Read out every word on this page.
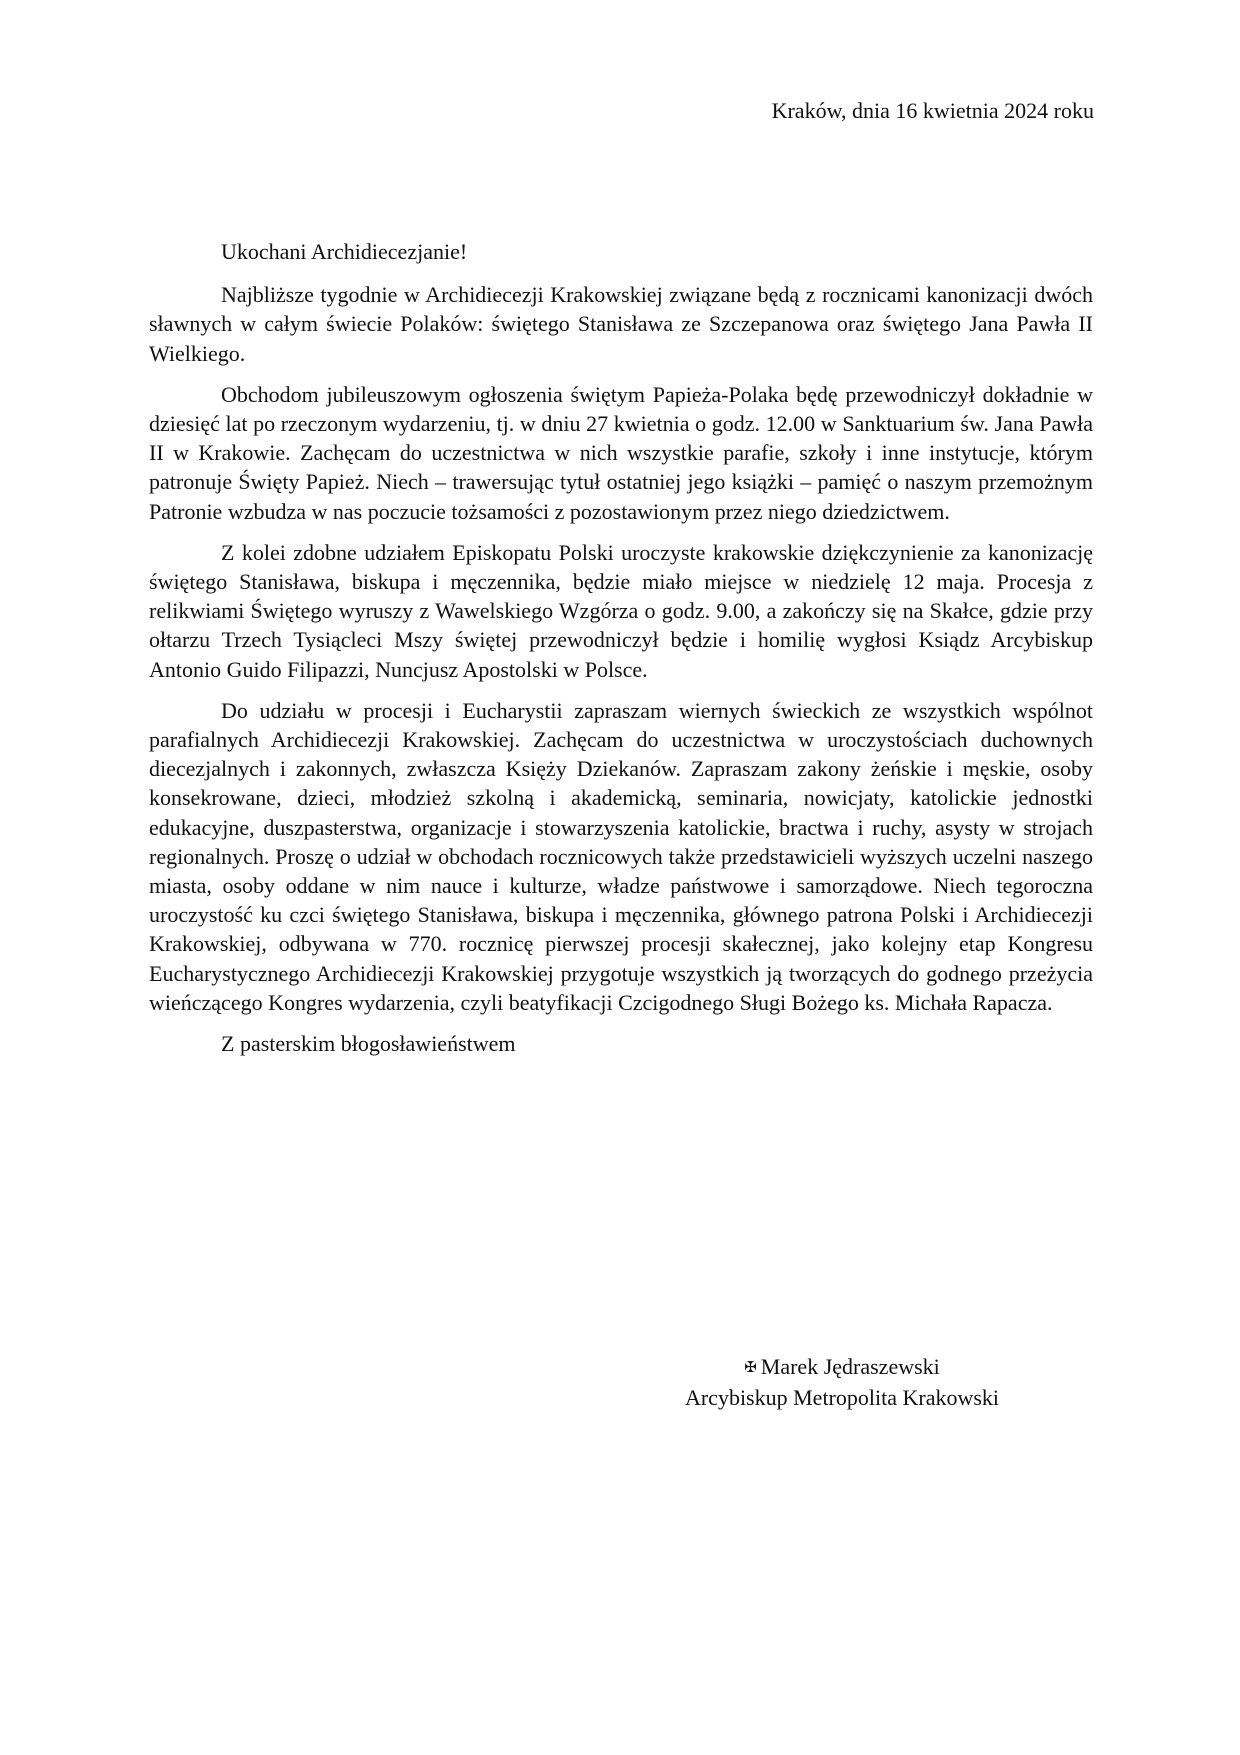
Kraków, dnia 16 kwietnia 2024 roku

Ukochani Archidiecezjanie!

Najbliższe tygodnie w Archidiecezji Krakowskiej związane będą z rocznicami kanonizacji dwóch sławnych w całym świecie Polaków: świętego Stanisława ze Szczepanowa oraz świętego Jana Pawła II Wielkiego.

Obchodom jubileuszowym ogłoszenia świętym Papieża-Polaka będę przewodniczył dokładnie w dziesięć lat po rzeczonym wydarzeniu, tj. w dniu 27 kwietnia o godz. 12.00 w Sanktuarium św. Jana Pawła II w Krakowie. Zachęcam do uczestnictwa w nich wszystkie parafie, szkoły i inne instytucje, którym patronuje Święty Papież. Niech – trawersując tytuł ostatniej jego książki – pamięć o naszym przemożnym Patronie wzbudza w nas poczucie tożsamości z pozostawionym przez niego dziedzictwem.

Z kolei zdobne udziałem Episkopatu Polski uroczyste krakowskie dziękczynienie za kanonizację świętego Stanisława, biskupa i męczennika, będzie miało miejsce w niedzielę 12 maja. Procesja z relikwiami Świętego wyruszy z Wawelskiego Wzgórza o godz. 9.00, a zakończy się na Skałce, gdzie przy ołtarzu Trzech Tysiącleci Mszy świętej przewodniczył będzie i homilię wygłosi Ksiądz Arcybiskup Antonio Guido Filipazzi, Nuncjusz Apostolski w Polsce.

Do udziału w procesji i Eucharystii zapraszam wiernych świeckich ze wszystkich wspólnot parafialnych Archidiecezji Krakowskiej. Zachęcam do uczestnictwa w uroczystościach duchownych diecezjalnych i zakonnych, zwłaszcza Księży Dziekanów. Zapraszam zakony żeńskie i męskie, osoby konsekrowane, dzieci, młodzież szkolną i akademicką, seminaria, nowicjaty, katolickie jednostki edukacyjne, duszpasterstwa, organizacje i stowarzyszenia katolickie, bractwa i ruchy, asysty w strojach regionalnych. Proszę o udział w obchodach rocznicowych także przedstawicieli wyższych uczelni naszego miasta, osoby oddane w nim nauce i kulturze, władze państwowe i samorządowe. Niech tegoroczna uroczystość ku czci świętego Stanisława, biskupa i męczennika, głównego patrona Polski i Archidiecezji Krakowskiej, odbywana w 770. rocznicę pierwszej procesji skałecznej, jako kolejny etap Kongresu Eucharystycznego Archidiecezji Krakowskiej przygotuje wszystkich ją tworzących do godnego przeżycia wieńczącego Kongres wydarzenia, czyli beatyfikacji Czcigodnego Sługi Bożego ks. Michała Rapacza.

Z pasterskim błogosławieństwem

✠ Marek Jędraszewski
Arcybiskup Metropolita Krakowski
